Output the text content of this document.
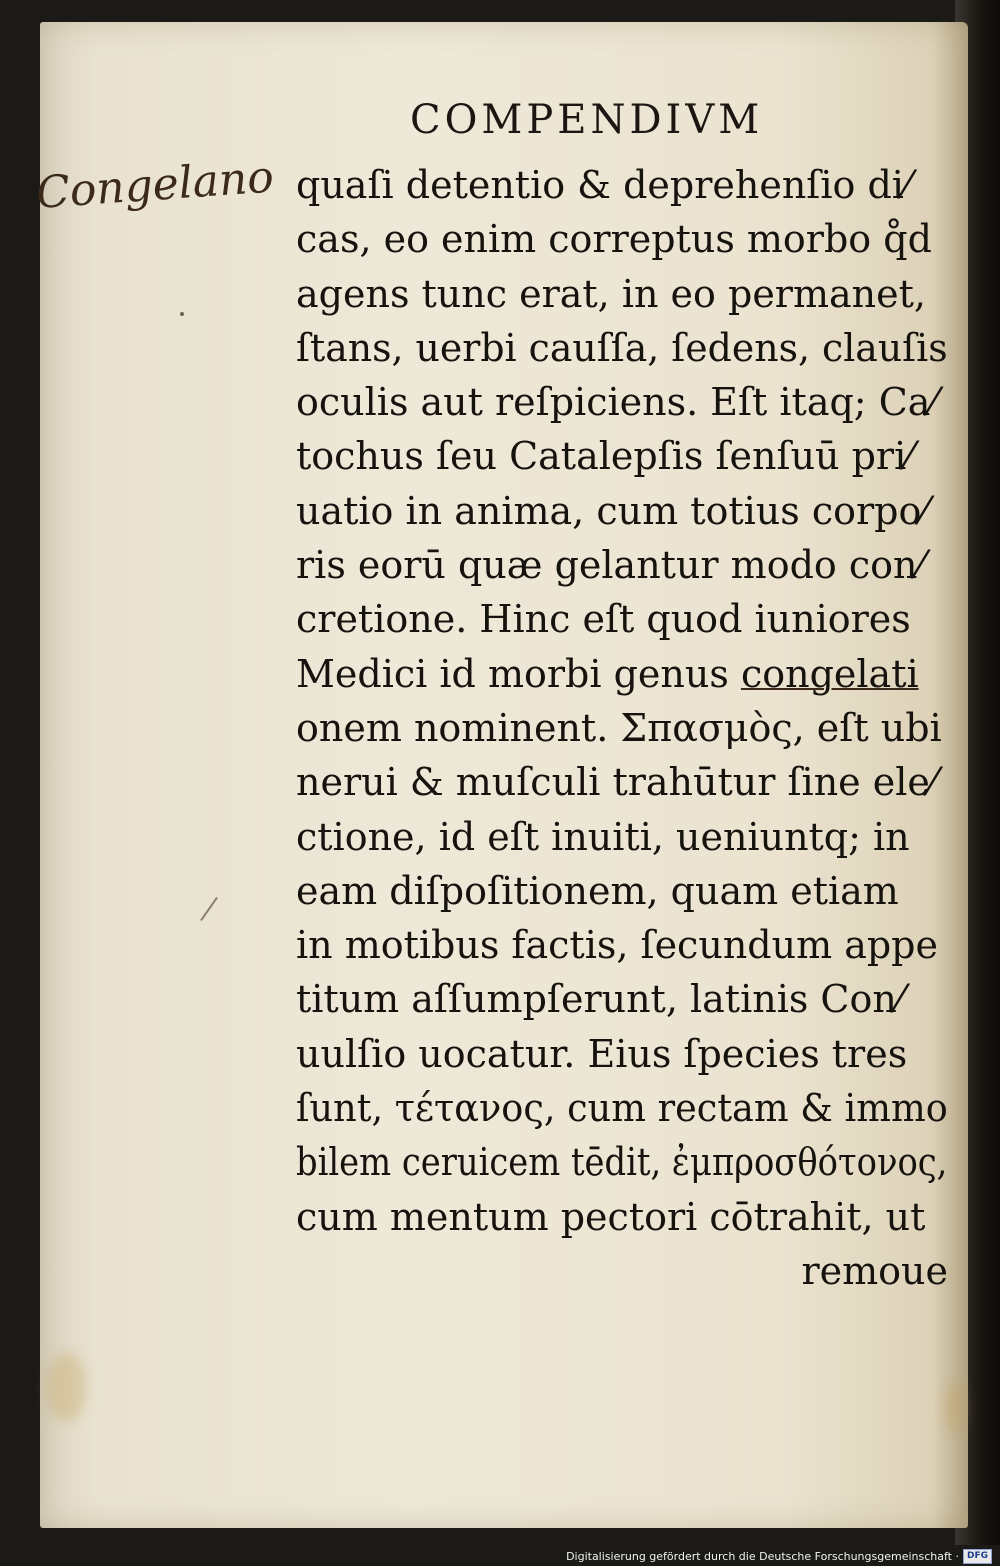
COMPENDIVM
Congelano quaſi detentio & deprehenſio di⁄
cas, eo enim correptus morbo q̊d
agens tunc erat, in eo permanet,
ſtans, uerbi cauſſa, ſedens, clauſis
oculis aut reſpiciens. Eſt itaq; Ca⁄
tochus ſeu Catalepſis ſenſuū pri⁄
uatio in anima, cum totius corpo⁄
ris eorū quæ gelantur modo con⁄
cretione. Hinc eſt quod iuniores
Medici id morbi genus congelati
onem nominent. Σπασμὸς, eſt ubi
nerui & muſculi trahūtur ſine ele⁄
ctione, id eſt inuiti, ueniuntq; in
eam diſpoſitionem, quam etiam
in motibus factis, ſecundum appe
titum aſſumpſerunt, latinis Con⁄
uulſio uocatur. Eius ſpecies tres
ſunt, τέτανος, cum rectam & immo
bilem ceruicem tēdit, ἐμπροσθότονος,
cum mentum pectori cōtrahit, ut
remoue
Digitalisierung gefördert durch die Deutsche Forschungsgemeinschaft · DFG
